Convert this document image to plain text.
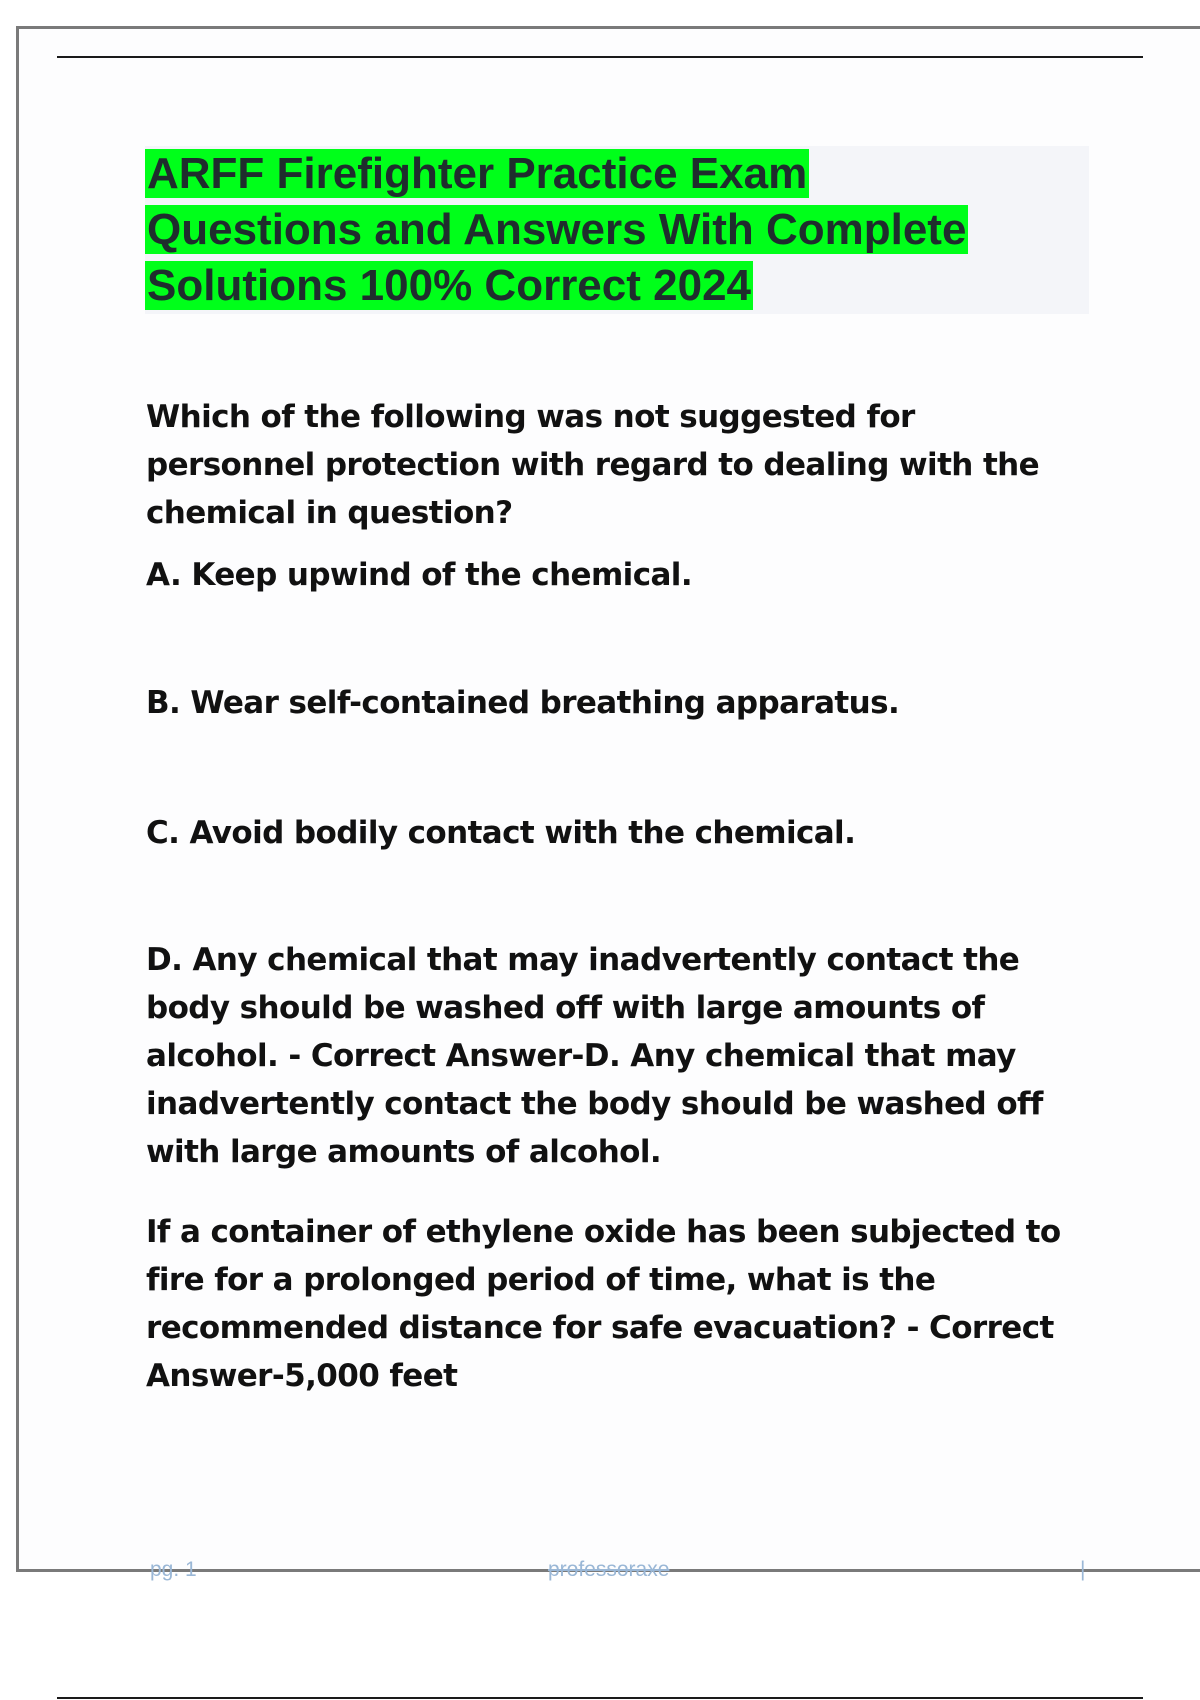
ARFF Firefighter Practice Exam
Questions and Answers With Complete
Solutions 100% Correct 2024

Which of the following was not suggested for personnel protection with regard to dealing with the chemical in question?

A. Keep upwind of the chemical.

B. Wear self-contained breathing apparatus.

C. Avoid bodily contact with the chemical.

D. Any chemical that may inadvertently contact the body should be washed off with large amounts of alcohol. - Correct Answer-D. Any chemical that may inadvertently contact the body should be washed off with large amounts of alcohol.

If a container of ethylene oxide has been subjected to fire for a prolonged period of time, what is the recommended distance for safe evacuation? - Correct Answer-5,000 feet

pg. 1	professoraxe	|
